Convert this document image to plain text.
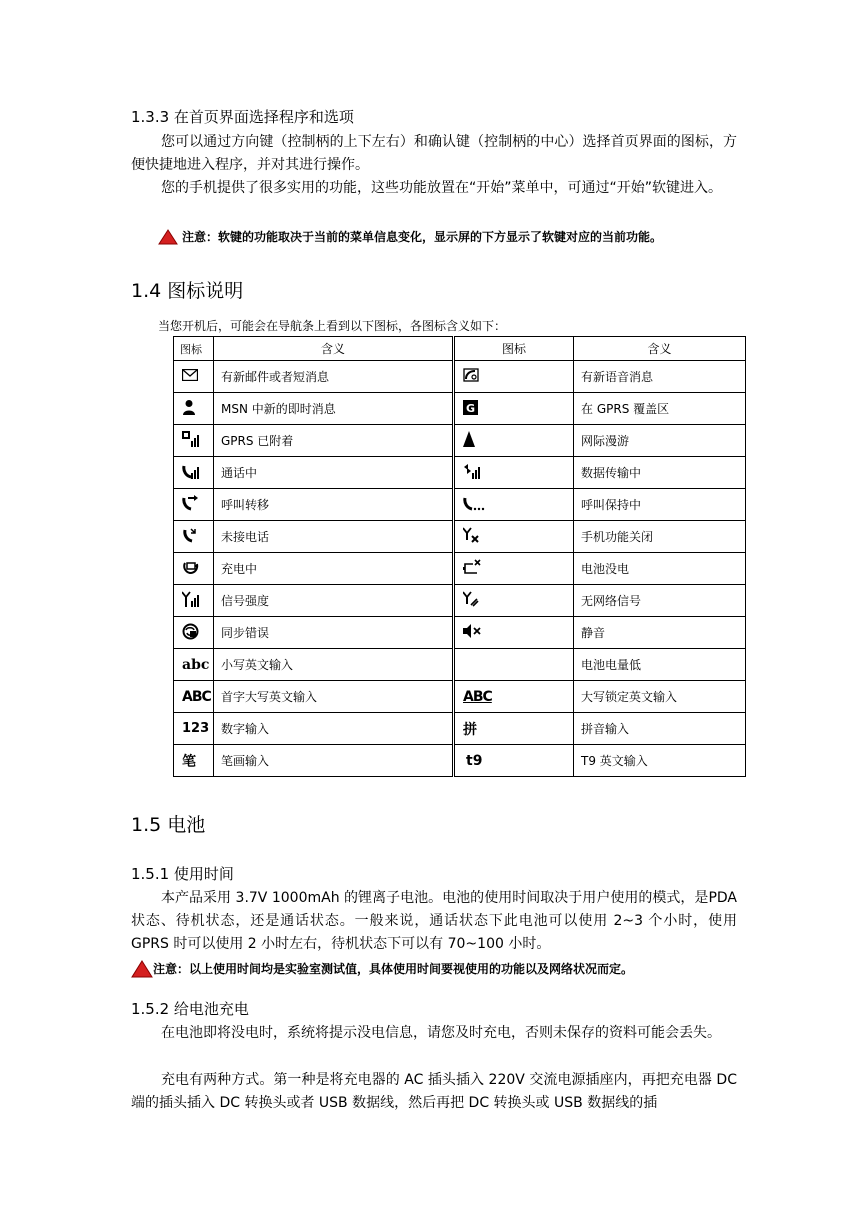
1.3.3 在首页界面选择程序和选项
您可以通过方向键（控制柄的上下左右）和确认键（控制柄的中心）选择首页界面的图标，方便快捷地进入程序，并对其进行操作。
您的手机提供了很多实用的功能，这些功能放置在“开始”菜单中，可通过“开始”软键进入。
注意：软键的功能取决于当前的菜单信息变化，显示屏的下方显示了软键对应的当前功能。
1.4 图标说明
当您开机后，可能会在导航条上看到以下图标，各图标含义如下：
图标	含义	图标	含义
	有新邮件或者短消息		有新语音消息
	MSN 中新的即时消息	G	在 GPRS 覆盖区
	GPRS 已附着		网际漫游
	通话中		数据传输中
	呼叫转移		呼叫保持中
	未接电话		手机功能关闭
	充电中		电池没电
	信号强度		无网络信号
	同步错误		静音
abc	小写英文输入		电池电量低
ABC	首字大写英文输入	ABC	大写锁定英文输入
123	数字输入	拼	拼音输入
笔	笔画输入	t9	T9 英文输入
1.5 电池
1.5.1 使用时间
本产品采用 3.7V 1000mAh 的锂离子电池。电池的使用时间取决于用户使用的模式，是PDA 状态、待机状态，还是通话状态。一般来说，通话状态下此电池可以使用 2~3 个小时，使用 GPRS 时可以使用 2 小时左右，待机状态下可以有 70~100 小时。
注意：以上使用时间均是实验室测试值，具体使用时间要视使用的功能以及网络状况而定。
1.5.2 给电池充电
在电池即将没电时，系统将提示没电信息，请您及时充电，否则未保存的资料可能会丢失。
充电有两种方式。第一种是将充电器的 AC 插头插入 220V 交流电源插座内，再把充电器 DC 端的插头插入 DC 转换头或者 USB 数据线，然后再把 DC 转换头或 USB 数据线的插
